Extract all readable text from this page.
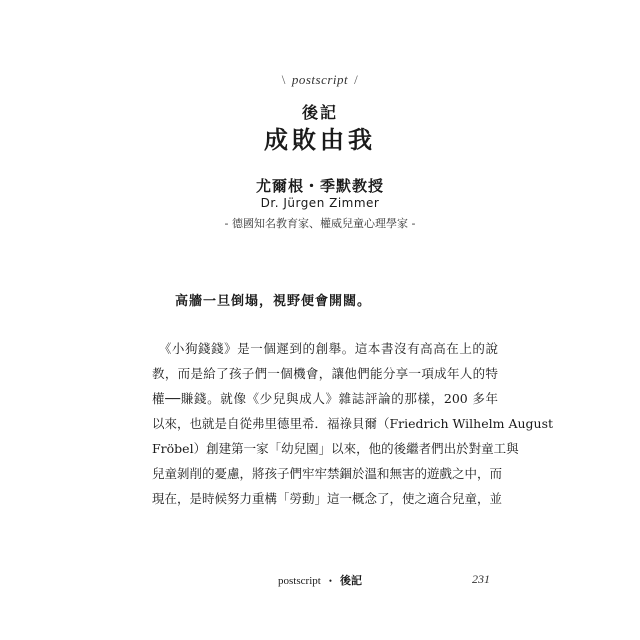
\ postscript /
後記
成敗由我
尤爾根・季默教授
Dr. Jürgen Zimmer
- 德國知名教育家、權威兒童心理學家 -
高牆一旦倒塌，視野便會開闊。
　《小狗錢錢》是一個遲到的創舉。這本書沒有高高在上的說
教，而是給了孩子們一個機會，讓他們能分享一項成年人的特
權──賺錢。就像《少兒與成人》雜誌評論的那樣，200 多年
以來，也就是自從弗里德里希．福祿貝爾（Friedrich Wilhelm August
Fröbel）創建第一家「幼兒園」以來，他的後繼者們出於對童工與
兒童剝削的憂慮，將孩子們牢牢禁錮於溫和無害的遊戲之中，而
現在，是時候努力重構「勞動」這一概念了，使之適合兒童，並
postscript • 後記	231
